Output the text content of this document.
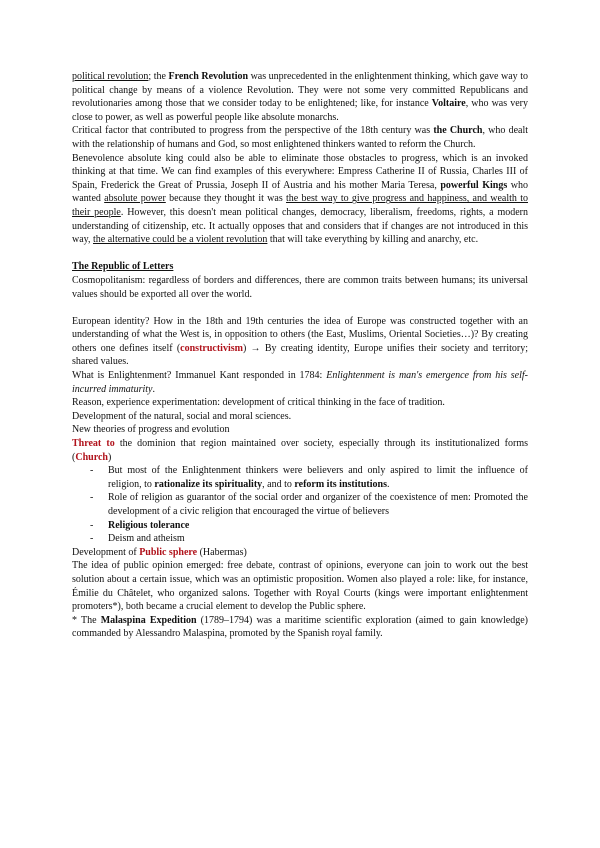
political revolution; the French Revolution was unprecedented in the enlightenment thinking, which gave way to political change by means of a violence Revolution. They were not some very committed Republicans and revolutionaries among those that we consider today to be enlightened; like, for instance Voltaire, who was very close to power, as well as powerful people like absolute monarchs.

Critical factor that contributed to progress from the perspective of the 18th century was the Church, who dealt with the relationship of humans and God, so most enlightened thinkers wanted to reform the Church.

Benevolence absolute king could also be able to eliminate those obstacles to progress, which is an invoked thinking at that time. We can find examples of this everywhere: Empress Catherine II of Russia, Charles III of Spain, Frederick the Great of Prussia, Joseph II of Austria and his mother Maria Teresa, powerful Kings who wanted absolute power because they thought it was the best way to give progress and happiness, and wealth to their people. However, this doesn't mean political changes, democracy, liberalism, freedoms, rights, a modern understanding of citizenship, etc. It actually opposes that and considers that if changes are not introduced in this way, the alternative could be a violent revolution that will take everything by killing and anarchy, etc.

The Republic of Letters

Cosmopolitanism: regardless of borders and differences, there are common traits between humans; its universal values should be exported all over the world.

European identity? How in the 18th and 19th centuries the idea of Europe was constructed together with an understanding of what the West is, in opposition to others (the East, Muslims, Oriental Societies…)? By creating others one defines itself (constructivism) → By creating identity, Europe unifies their society and territory; shared values.

What is Enlightenment? Immanuel Kant responded in 1784: Enlightenment is man's emergence from his self-incurred immaturity.

Reason, experience experimentation: development of critical thinking in the face of tradition.

Development of the natural, social and moral sciences.

New theories of progress and evolution

Threat to the dominion that region maintained over society, especially through its institutionalized forms (Church)

- But most of the Enlightenment thinkers were believers and only aspired to limit the influence of religion, to rationalize its spirituality, and to reform its institutions.
- Role of religion as guarantor of the social order and organizer of the coexistence of men: Promoted the development of a civic religion that encouraged the virtue of believers
- Religious tolerance
- Deism and atheism

Development of Public sphere (Habermas)

The idea of public opinion emerged: free debate, contrast of opinions, everyone can join to work out the best solution about a certain issue, which was an optimistic proposition. Women also played a role: like, for instance, Émilie du Châtelet, who organized salons. Together with Royal Courts (kings were important enlightenment promoters*), both became a crucial element to develop the Public sphere.

* The Malaspina Expedition (1789–1794) was a maritime scientific exploration (aimed to gain knowledge) commanded by Alessandro Malaspina, promoted by the Spanish royal family.
